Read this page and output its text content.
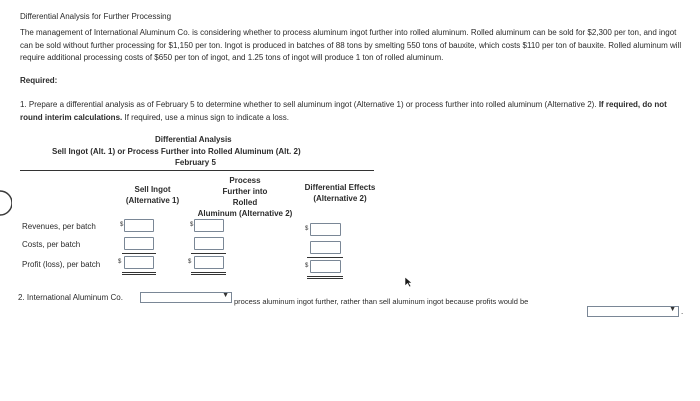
Differential Analysis for Further Processing
The management of International Aluminum Co. is considering whether to process aluminum ingot further into rolled aluminum. Rolled aluminum can be sold for $2,300 per ton, and ingot can be sold without further processing for $1,150 per ton. Ingot is produced in batches of 88 tons by smelting 550 tons of bauxite, which costs $110 per ton of bauxite. Rolled aluminum will require additional processing costs of $650 per ton of ingot, and 1.25 tons of ingot will produce 1 ton of rolled aluminum.
Required:
1. Prepare a differential analysis as of February 5 to determine whether to sell aluminum ingot (Alternative 1) or process further into rolled aluminum (Alternative 2). If required, do not round interim calculations. If required, use a minus sign to indicate a loss.
Differential Analysis
Sell Ingot (Alt. 1) or Process Further into Rolled Aluminum (Alt. 2)
February 5
Sell Ingot (Alternative 1)
Process Further into Rolled
Aluminum (Alternative 2)
Differential Effects (Alternative 2)
Revenues, per batch
Costs, per batch
Profit (loss), per batch
$
$
$
$
$
$
2. International Aluminum Co.	▼
process aluminum ingot further, rather than sell aluminum ingot because profits would be
▼ .
